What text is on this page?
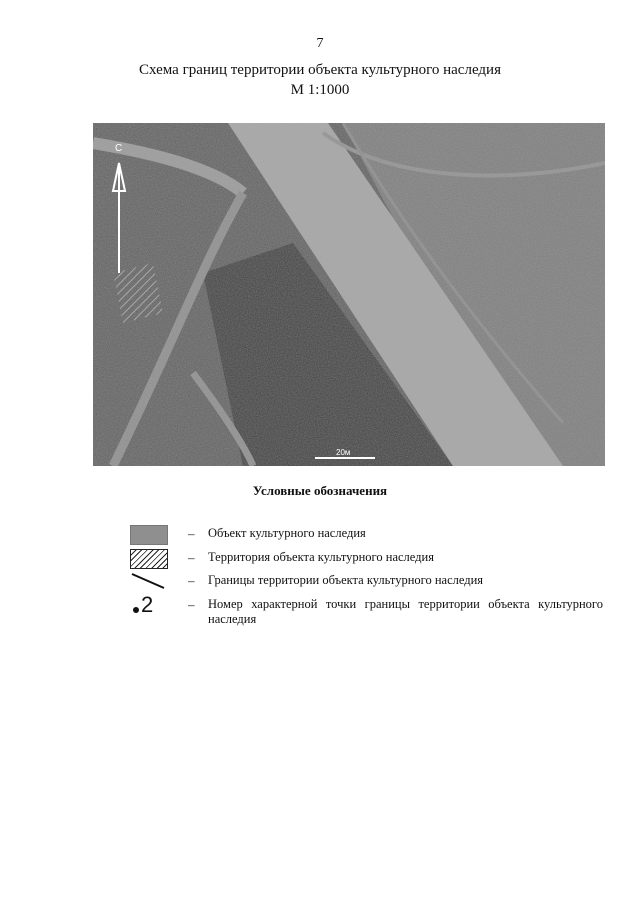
7
Схема границ территории объекта культурного наследия
М 1:1000
С
20м
Условные обозначения
– Объект культурного наследия
– Территория объекта культурного наследия
– Границы территории объекта культурного наследия
2	– Номер характерной точки границы территории объекта культурного наследия
